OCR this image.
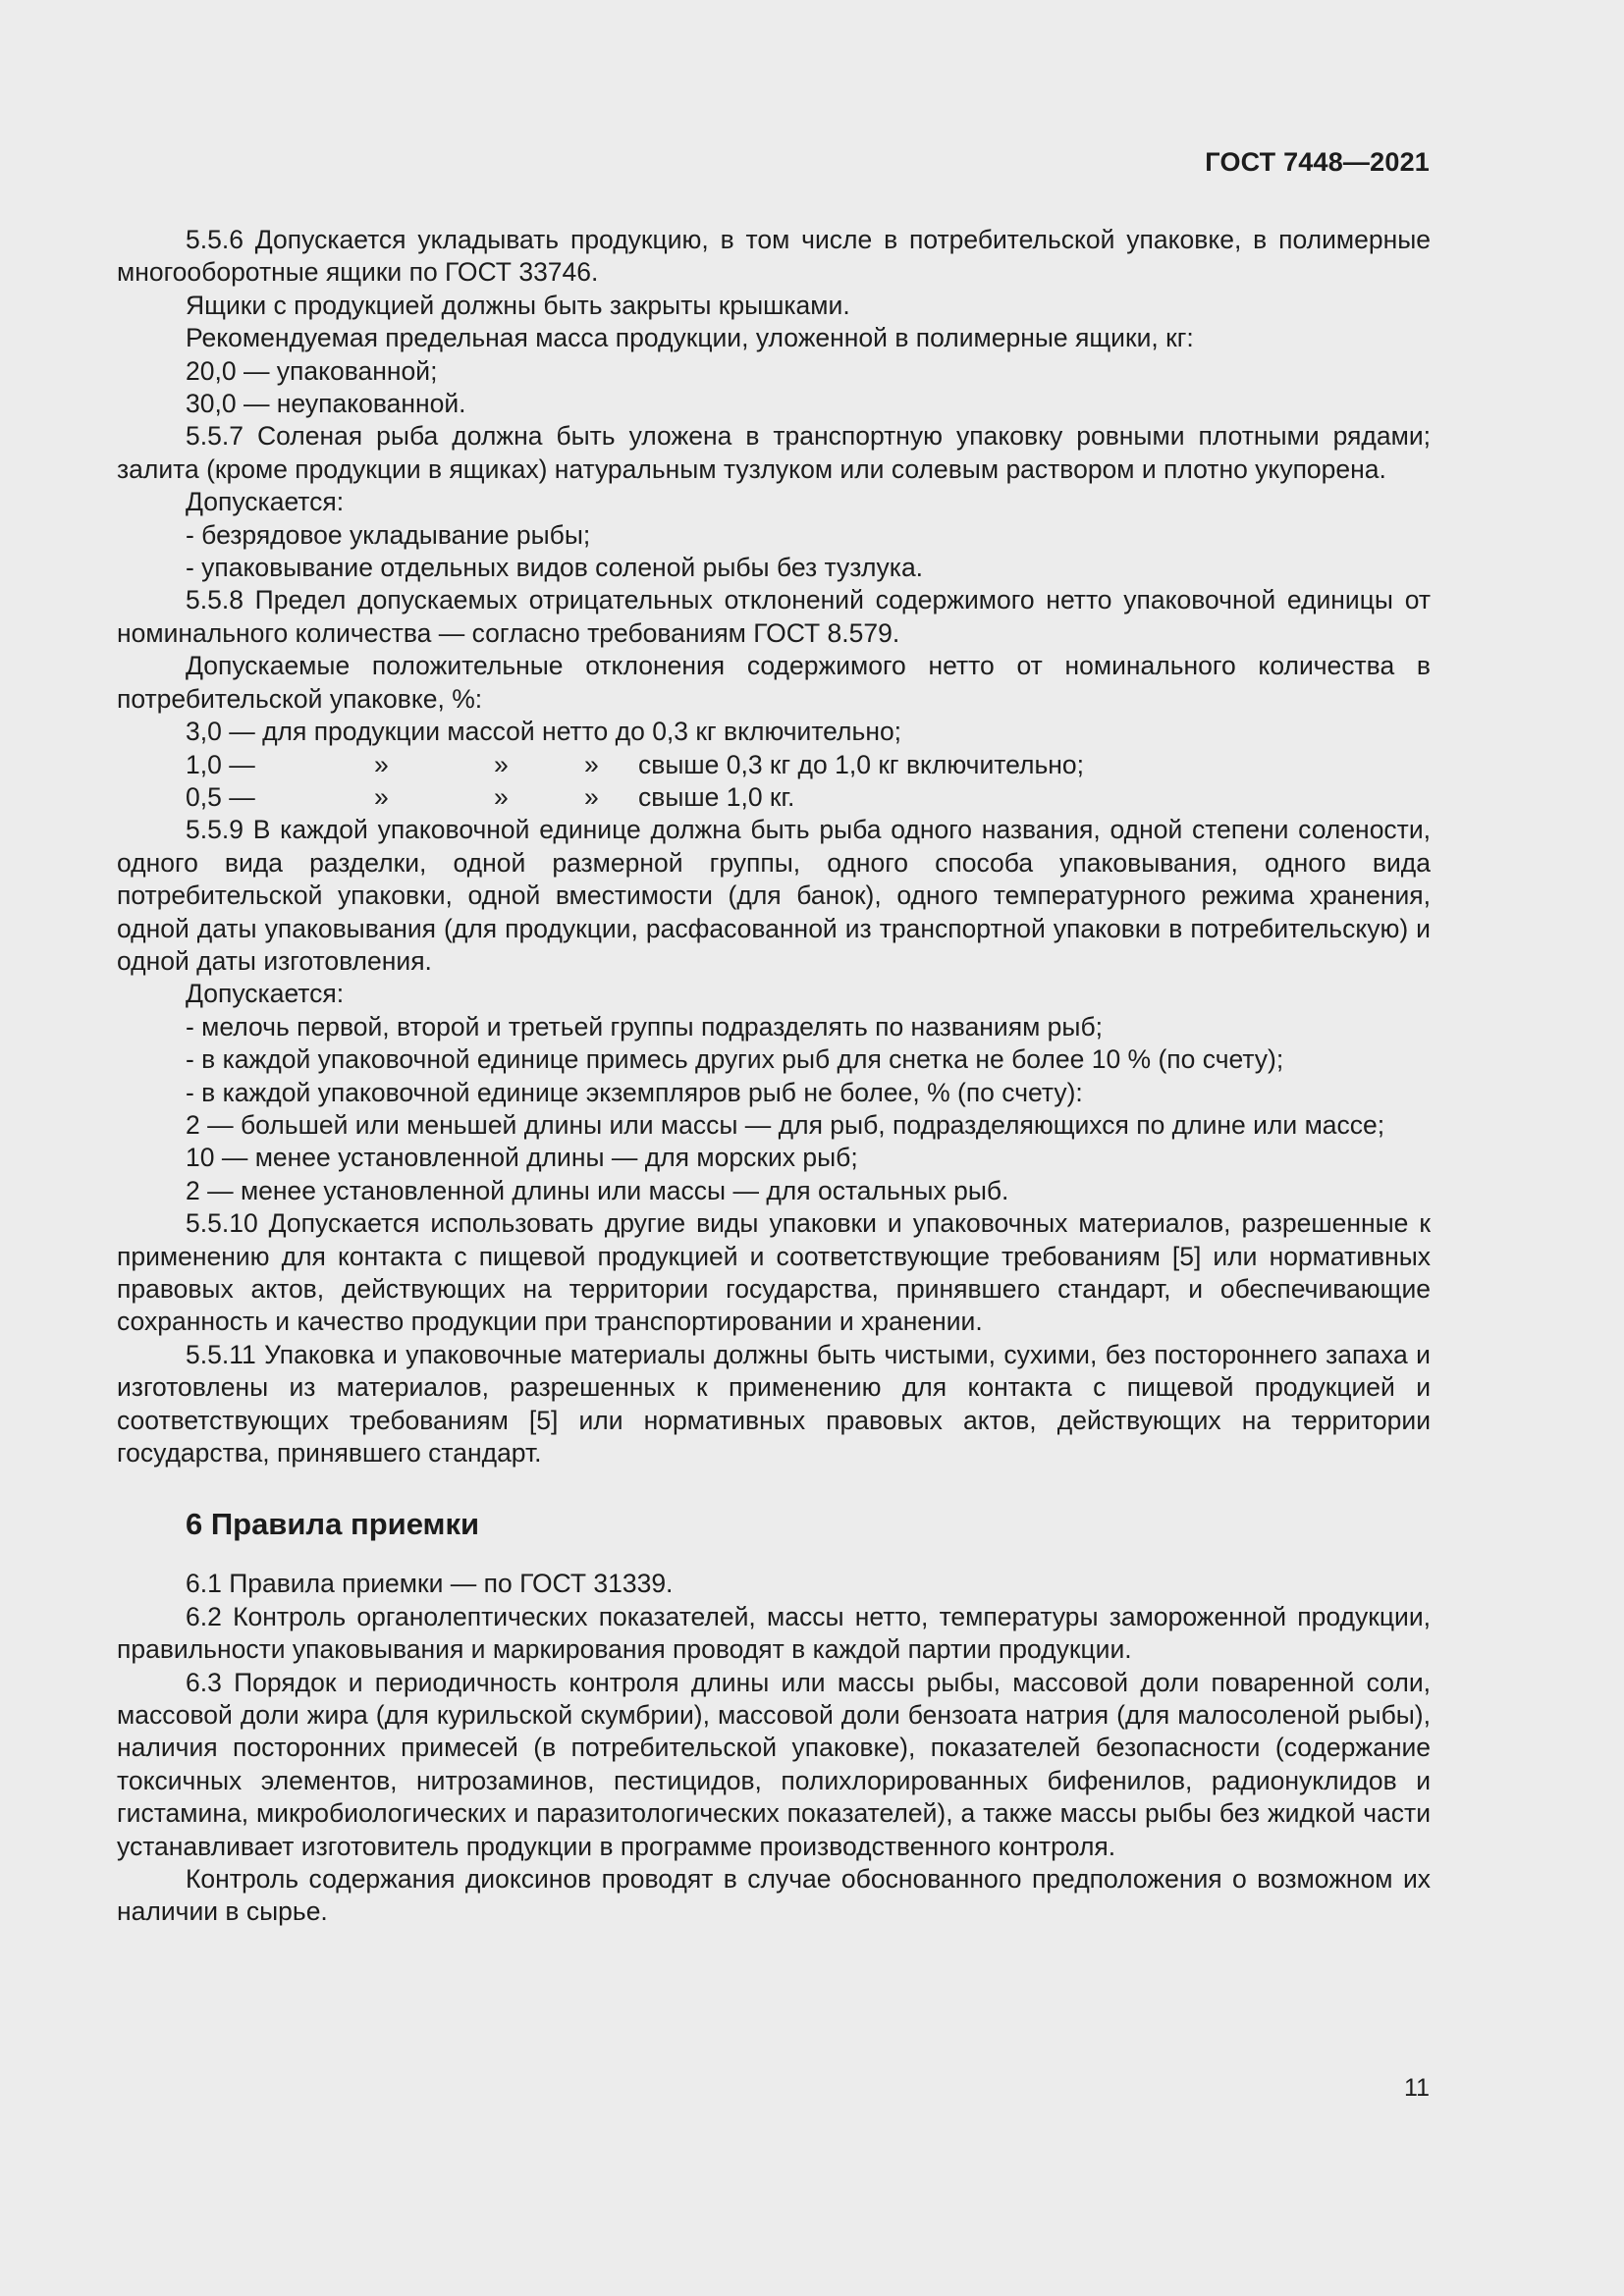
ГОСТ 7448—2021

5.5.6 Допускается укладывать продукцию, в том числе в потребительской упаковке, в полимерные многооборотные ящики по ГОСТ 33746.

Ящики с продукцией должны быть закрыты крышками.

Рекомендуемая предельная масса продукции, уложенной в полимерные ящики, кг:

20,0 — упакованной;

30,0 — неупакованной.

5.5.7 Соленая рыба должна быть уложена в транспортную упаковку ровными плотными рядами; залита (кроме продукции в ящиках) натуральным тузлуком или солевым раствором и плотно укупорена.

Допускается:

- безрядовое укладывание рыбы;

- упаковывание отдельных видов соленой рыбы без тузлука.

5.5.8 Предел допускаемых отрицательных отклонений содержимого нетто упаковочной единицы от номинального количества — согласно требованиям ГОСТ 8.579.

Допускаемые положительные отклонения содержимого нетто от номинального количества в потребительской упаковке, %:

3,0 — для продукции массой нетто до 0,3 кг включительно;

1,0 —	»	»	»	свыше 0,3 кг до 1,0 кг включительно;
0,5 —	»	»	»	свыше 1,0 кг.

5.5.9 В каждой упаковочной единице должна быть рыба одного названия, одной степени солености, одного вида разделки, одной размерной группы, одного способа упаковывания, одного вида потребительской упаковки, одной вместимости (для банок), одного температурного режима хранения, одной даты упаковывания (для продукции, расфасованной из транспортной упаковки в потребительскую) и одной даты изготовления.

Допускается:

- мелочь первой, второй и третьей группы подразделять по названиям рыб;

- в каждой упаковочной единице примесь других рыб для снетка не более 10 % (по счету);

- в каждой упаковочной единице экземпляров рыб не более, % (по счету):

2 — большей или меньшей длины или массы — для рыб, подразделяющихся по длине или массе;

10 — менее установленной длины — для морских рыб;

2 — менее установленной длины или массы — для остальных рыб.

5.5.10 Допускается использовать другие виды упаковки и упаковочных материалов, разрешенные к применению для контакта с пищевой продукцией и соответствующие требованиям [5] или нормативных правовых актов, действующих на территории государства, принявшего стандарт, и обеспечивающие сохранность и качество продукции при транспортировании и хранении.

5.5.11 Упаковка и упаковочные материалы должны быть чистыми, сухими, без постороннего запаха и изготовлены из материалов, разрешенных к применению для контакта с пищевой продукцией и соответствующих требованиям [5] или нормативных правовых актов, действующих на территории государства, принявшего стандарт.

6 Правила приемки

6.1 Правила приемки — по ГОСТ 31339.

6.2 Контроль органолептических показателей, массы нетто, температуры замороженной продукции, правильности упаковывания и маркирования проводят в каждой партии продукции.

6.3 Порядок и периодичность контроля длины или массы рыбы, массовой доли поваренной соли, массовой доли жира (для курильской скумбрии), массовой доли бензоата натрия (для малосоленой рыбы), наличия посторонних примесей (в потребительской упаковке), показателей безопасности (содержание токсичных элементов, нитрозаминов, пестицидов, полихлорированных бифенилов, радионуклидов и гистамина, микробиологических и паразитологических показателей), а также массы рыбы без жидкой части устанавливает изготовитель продукции в программе производственного контроля.

Контроль содержания диоксинов проводят в случае обоснованного предположения о возможном их наличии в сырье.

11
